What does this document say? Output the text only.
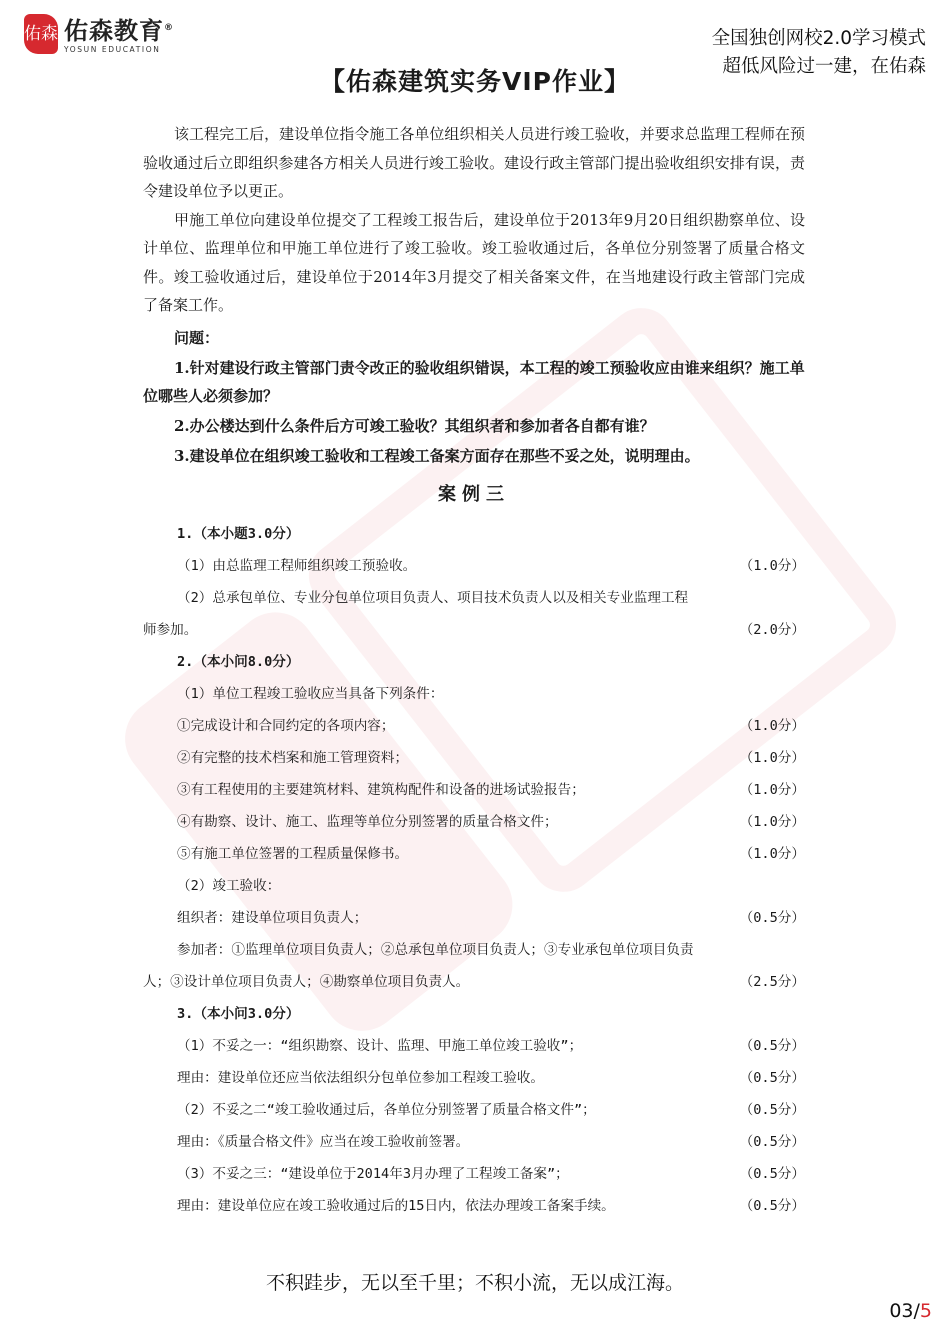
佑森 佑森教育®
YOSUN EDUCATION
全国独创网校2.0学习模式
超低风险过一建，在佑森
【佑森建筑实务VIP作业】

该工程完工后，建设单位指令施工各单位组织相关人员进行竣工验收，并要求总监理工程师在预验收通过后立即组织参建各方相关人员进行竣工验收。建设行政主管部门提出验收组织安排有误，责令建设单位予以更正。

甲施工单位向建设单位提交了工程竣工报告后，建设单位于2013年9月20日组织勘察单位、设计单位、监理单位和甲施工单位进行了竣工验收。竣工验收通过后，各单位分别签署了质量合格文件。竣工验收通过后，建设单位于2014年3月提交了相关备案文件，在当地建设行政主管部门完成了备案工作。

问题：

1.针对建设行政主管部门责令改正的验收组织错误，本工程的竣工预验收应由谁来组织？施工单位哪些人必须参加？

2.办公楼达到什么条件后方可竣工验收？其组织者和参加者各自都有谁？

3.建设单位在组织竣工验收和工程竣工备案方面存在那些不妥之处，说明理由。

案例三

1.（本小题3.0分）

（1）由总监理工程师组织竣工预验收。	（1.0分）

（2）总承包单位、专业分包单位项目负责人、项目技术负责人以及相关专业监理工程

师参加。	（2.0分）

2.（本小问8.0分）

（1）单位工程竣工验收应当具备下列条件：
①完成设计和合同约定的各项内容；	（1.0分）
②有完整的技术档案和施工管理资料；	（1.0分）
③有工程使用的主要建筑材料、建筑构配件和设备的进场试验报告；	（1.0分）
④有勘察、设计、施工、监理等单位分别签署的质量合格文件；	（1.0分）
⑤有施工单位签署的工程质量保修书。	（1.0分）
（2）竣工验收：
组织者：建设单位项目负责人；	（0.5分）

参加者：①监理单位项目负责人；②总承包单位项目负责人；③专业承包单位项目负责

人；③设计单位项目负责人；④勘察单位项目负责人。	（2.5分）

3.（本小问3.0分）

（1）不妥之一：“组织勘察、设计、监理、甲施工单位竣工验收”；	（0.5分）
理由：建设单位还应当依法组织分包单位参加工程竣工验收。	（0.5分）
（2）不妥之二“竣工验收通过后，各单位分别签署了质量合格文件”；	（0.5分）
理由：《质量合格文件》应当在竣工验收前签署。	（0.5分）
（3）不妥之三：“建设单位于2014年3月办理了工程竣工备案”；	（0.5分）
理由：建设单位应在竣工验收通过后的15日内，依法办理竣工备案手续。	（0.5分）
不积跬步，无以至千里；不积小流，无以成江海。
03/5
